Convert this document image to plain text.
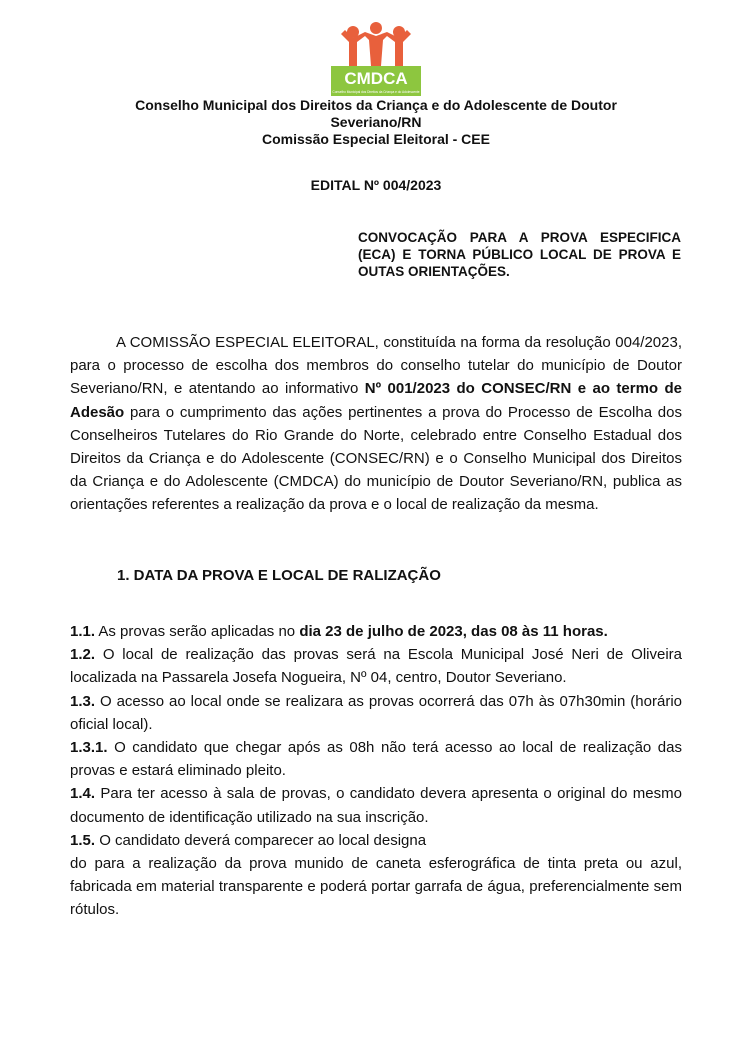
CMDCA
Conselho Municipal dos Direitos da Criança e do Adolescente
Conselho Municipal dos Direitos da Criança e do Adolescente de Doutor
Severiano/RN
Comissão Especial Eleitoral - CEE
EDITAL Nº 004/2023
CONVOCAÇÃO PARA A PROVA ESPECIFICA (ECA) E TORNA PÚBLICO LOCAL DE PROVA E OUTAS ORIENTAÇÕES.
A COMISSÃO ESPECIAL ELEITORAL, constituída na forma da resolução 004/2023, para o processo de escolha dos membros do conselho tutelar do município de Doutor Severiano/RN, e atentando ao informativo Nº 001/2023 do CONSEC/RN e ao termo de Adesão para o cumprimento das ações pertinentes a prova do Processo de Escolha dos Conselheiros Tutelares do Rio Grande do Norte, celebrado entre Conselho Estadual dos Direitos da Criança e do Adolescente (CONSEC/RN) e o Conselho Municipal dos Direitos da Criança e do Adolescente (CMDCA) do município de Doutor Severiano/RN, publica as orientações referentes a realização da prova e o local de realização da mesma.
1. DATA DA PROVA E LOCAL DE RALIZAÇÃO

1.1. As provas serão aplicadas no dia 23 de julho de 2023, das 08 às 11 horas.

1.2. O local de realização das provas será na Escola Municipal José Neri de Oliveira localizada na Passarela Josefa Nogueira, Nº 04, centro, Doutor Severiano.

1.3. O acesso ao local onde se realizara as provas ocorrerá das 07h às 07h30min (horário oficial local).

1.3.1. O candidato que chegar após as 08h não terá acesso ao local de realização das provas e estará eliminado pleito.

1.4. Para ter acesso à sala de provas, o candidato devera apresenta o original do mesmo documento de identificação utilizado na sua inscrição.

1.5. O candidato deverá comparecer ao local designa

do para a realização da prova munido de caneta esferográfica de tinta preta ou azul, fabricada em material transparente e poderá portar garrafa de água, preferencialmente sem rótulos.
